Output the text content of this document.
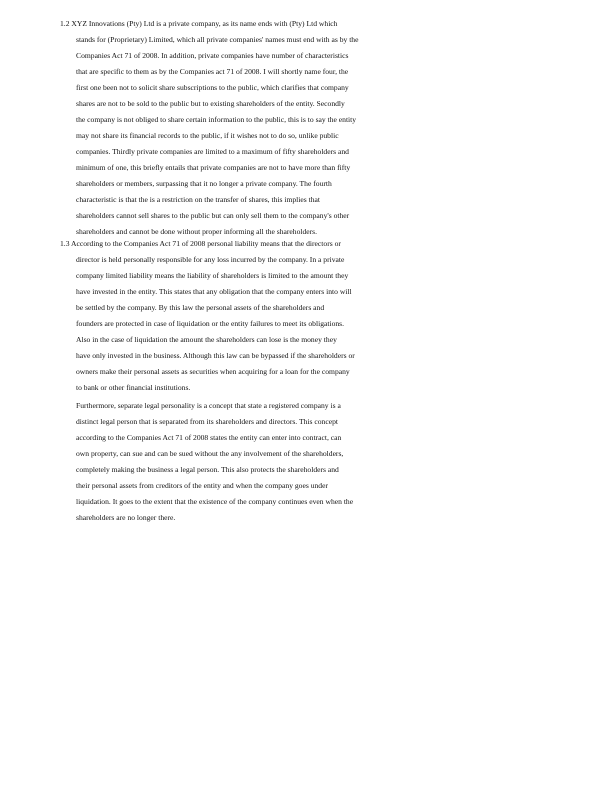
1.2 XYZ Innovations (Pty) Ltd is a private company, as its name ends with (Pty) Ltd which
stands for (Proprietary) Limited, which all private companies' names must end with as by the
Companies Act 71 of 2008. In addition, private companies have number of characteristics
that are specific to them as by the Companies act 71 of 2008. I will shortly name four, the
first one been not to solicit share subscriptions to the public, which clarifies that company
shares are not to be sold to the public but to existing shareholders of the entity. Secondly
the company is not obliged to share certain information to the public, this is to say the entity
may not share its financial records to the public, if it wishes not to do so, unlike public
companies. Thirdly private companies are limited to a maximum of fifty shareholders and
minimum of one, this briefly entails that private companies are not to have more than fifty
shareholders or members, surpassing that it no longer a private company. The fourth
characteristic is that the is a restriction on the transfer of shares, this implies that
shareholders cannot sell shares to the public but can only sell them to the company's other
shareholders and cannot be done without proper informing all the shareholders.
1.3 According to the Companies Act 71 of 2008 personal liability means that the directors or
director is held personally responsible for any loss incurred by the company. In a private
company limited liability means the liability of shareholders is limited to the amount they
have invested in the entity. This states that any obligation that the company enters into will
be settled by the company. By this law the personal assets of the shareholders and
founders are protected in case of liquidation or the entity failures to meet its obligations.
Also in the case of liquidation the amount the shareholders can lose is the money they
have only invested in the business. Although this law can be bypassed if the shareholders or
owners make their personal assets as securities when acquiring for a loan for the company
to bank or other financial institutions.
Furthermore, separate legal personality is a concept that state a registered company is a
distinct legal person that is separated from its shareholders and directors. This concept
according to the Companies Act 71 of 2008 states the entity can enter into contract, can
own property, can sue and can be sued without the any involvement of the shareholders,
completely making the business a legal person. This also protects the shareholders and
their personal assets from creditors of the entity and when the company goes under
liquidation. It goes to the extent that the existence of the company continues even when the
shareholders are no longer there.
